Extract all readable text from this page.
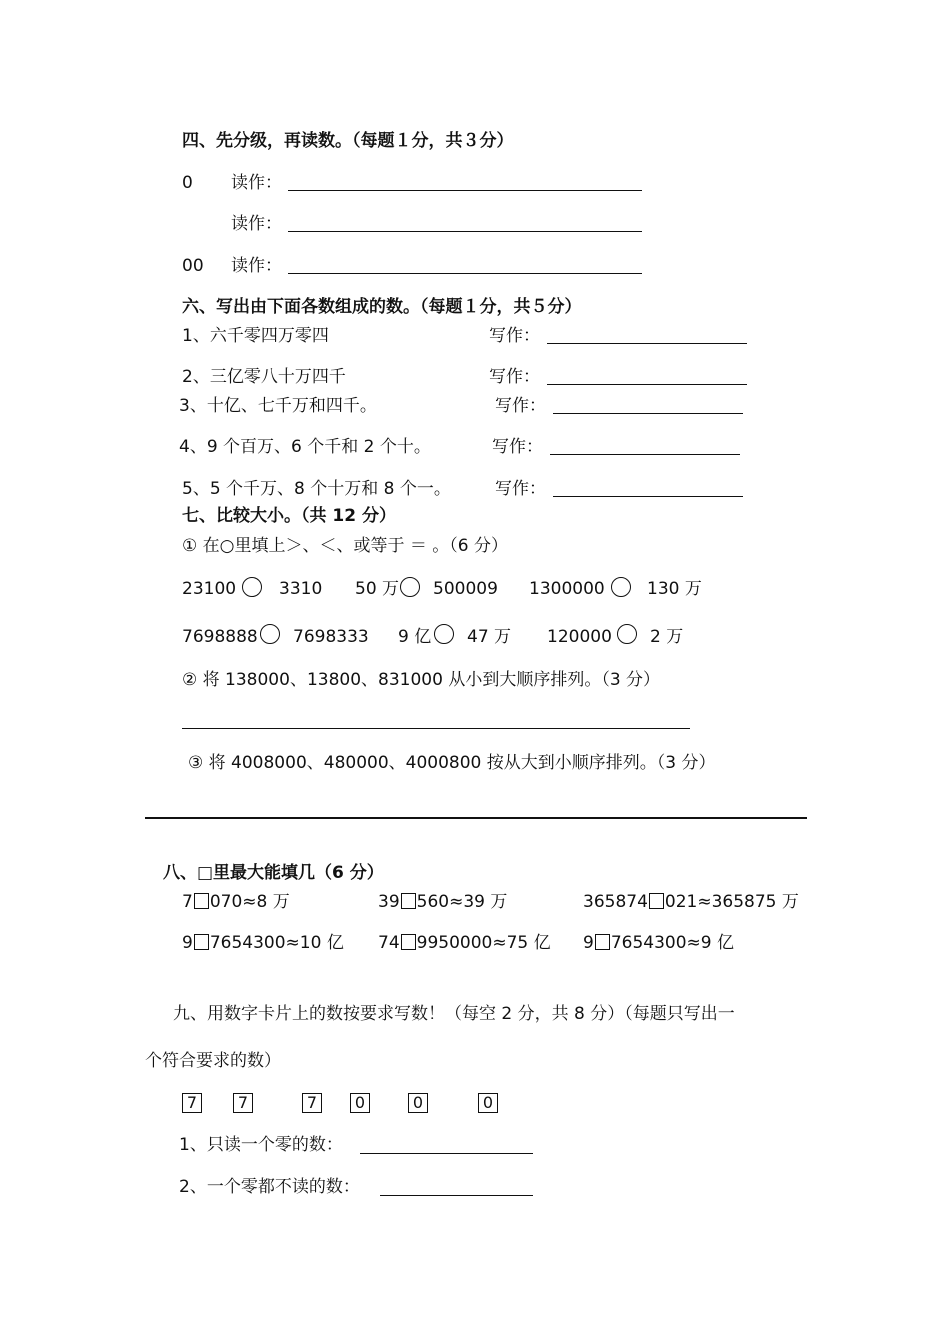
四、先分级，再读数。（每题１分，共３分）
0 读作：
读作：
00 读作：
六、写出由下面各数组成的数。（每题１分，共５分）
1、六千零四万零四	写作：
2、三亿零八十万四千	写作：
3、十亿、七千万和四千。	写作：
4、9 个百万、6 个千和 2 个十。	写作：
5、5 个千万、8 个十万和 8 个一。	写作：
七、比较大小。（共 12 分）
① 在○里填上＞、＜、或等于 ＝ 。（6 分）
23100	3310 50 万 500009 1300000 130 万
7698888 7698333 9 亿 47 万 120000 2 万
② 将 138000、13800、831000 从小到大顺序排列。（3 分）
③ 将 4008000、480000、4000800 按从大到小顺序排列。（3 分）
八、□里最大能填几（6 分）
7 070≈8 万	39 560≈39 万	365874 021≈365875 万
9 7654300≈10 亿 74 9950000≈75 亿 9 7654300≈9 亿
九、用数字卡片上的数按要求写数！（每空 2 分，共 8 分）（每题只写出一
个符合要求的数）
7	7	7	0	0	0
1、只读一个零的数：
2、一个零都不读的数：
